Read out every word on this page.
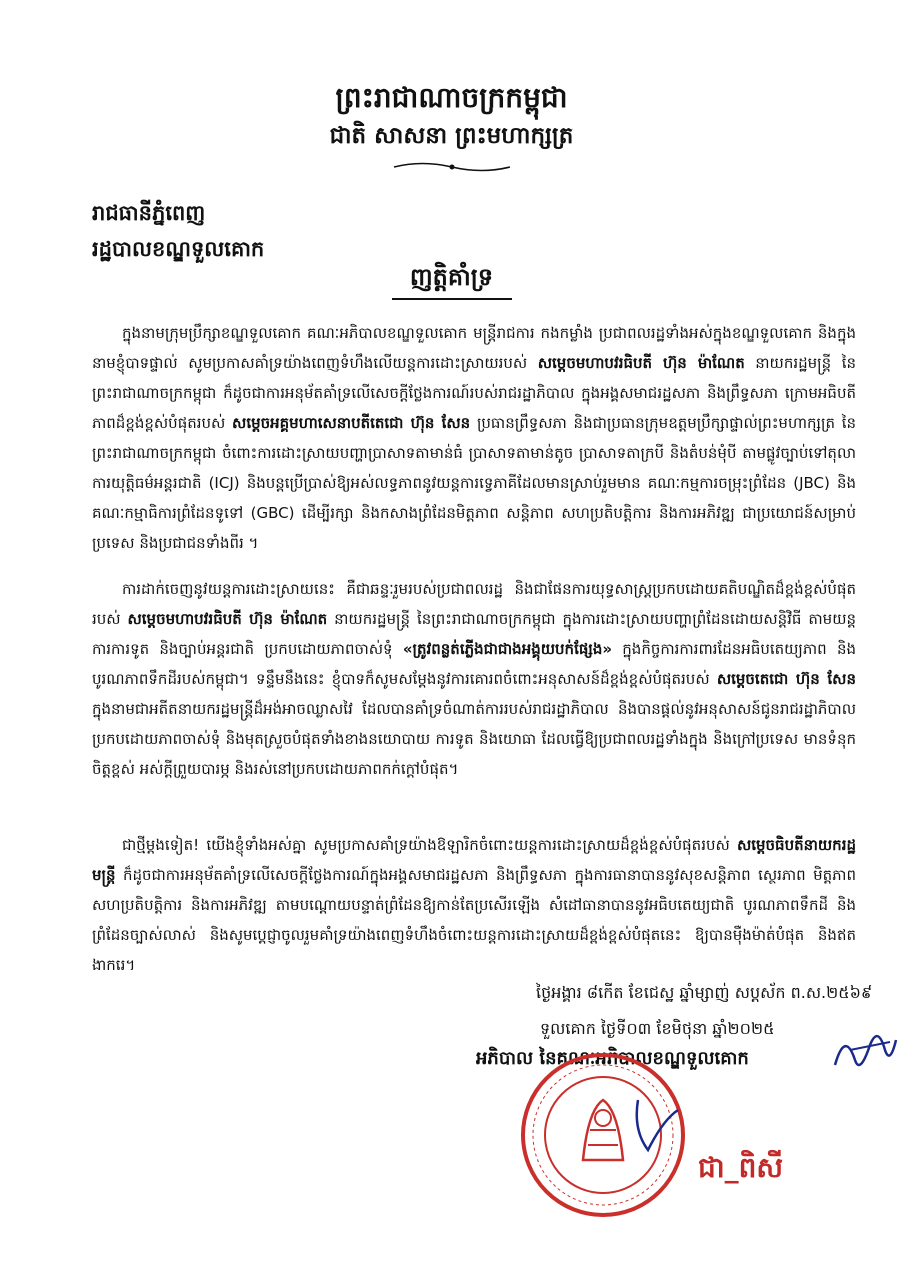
ព្រះរាជាណាចក្រកម្ពុជា
ជាតិ សាសនា ព្រះមហាក្សត្រ
រាជធានីភ្នំពេញ
រដ្ឋបាលខណ្ឌទួលគោក
ញត្តិគាំទ្រ

  ក្នុងនាមក្រុមប្រឹក្សាខណ្ឌទួលគោក គណៈអភិបាលខណ្ឌទួលគោក មន្ត្រីរាជការ កងកម្លាំង ប្រជាពលរដ្ឋទាំងអស់ក្នុងខណ្ឌទួលគោក និងក្នុងនាមខ្ញុំបាទផ្ទាល់ សូមប្រកាសគាំទ្រយ៉ាងពេញទំហឹងលើយន្តការដោះស្រាយរបស់ សម្ដេចមហាបវរធិបតី ហ៊ុន ម៉ាណែត នាយករដ្ឋមន្ត្រី នៃព្រះរាជាណាចក្រកម្ពុជា ក៏ដូចជាការអនុម័តគាំទ្រលើសេចក្តីថ្លែងការណ៍របស់រាជរដ្ឋាភិបាល ក្នុងអង្គសមាជរដ្ឋសភា និងព្រឹទ្ធសភា ក្រោមអធិបតីភាពដ៏ខ្ពង់ខ្ពស់បំផុតរបស់ សម្ដេចអគ្គមហាសេនាបតីតេជោ ហ៊ុន សែន ប្រធានព្រឹទ្ធសភា និងជាប្រធានក្រុមឧត្តមប្រឹក្សាផ្ទាល់ព្រះមហាក្សត្រ នៃព្រះរាជាណាចក្រកម្ពុជា ចំពោះការដោះស្រាយបញ្ហាប្រាសាទតាមាន់ធំ ប្រាសាទតាមាន់តូច ប្រាសាទតាក្របី និងតំបន់មុំបី តាមផ្លូវច្បាប់ទៅតុលាការយុត្តិធម៌អន្តរជាតិ (ICJ) និងបន្តប្រើប្រាស់ឱ្យអស់លទ្ធភាពនូវយន្តការទ្វេភាគីដែលមានស្រាប់រួមមាន គណៈកម្មការចម្រុះព្រំដែន (JBC) និងគណៈកម្មាធិការព្រំដែនទូទៅ (GBC) ដើម្បីរក្សា និងកសាងព្រំដែនមិត្តភាព សន្តិភាព សហប្រតិបត្តិការ និងការអភិវឌ្ឍ ជាប្រយោជន៍សម្រាប់ប្រទេស និងប្រជាជនទាំងពីរ ។

  ការដាក់ចេញនូវយន្តការដោះស្រាយនេះ គឺជាឆន្ទៈរួមរបស់ប្រជាពលរដ្ឋ និងជាផែនការយុទ្ធសាស្ត្រប្រកបដោយគតិបណ្ឌិតដ៏ខ្ពង់ខ្ពស់បំផុតរបស់ សម្ដេចមហាបវរធិបតី ហ៊ុន ម៉ាណែត នាយករដ្ឋមន្ត្រី នៃព្រះរាជាណាចក្រកម្ពុជា ក្នុងការដោះស្រាយបញ្ហាព្រំដែនដោយសន្តិវិធី តាមយន្តការការទូត និងច្បាប់អន្តរជាតិ ប្រកបដោយភាពចាស់ទុំ «ត្រូវពន្លត់ភ្លើងជាជាងអង្គុយបក់ផ្សែង» ក្នុងកិច្ចការការពារដែនអធិបតេយ្យភាព និងបូរណភាពទឹកដីរបស់កម្ពុជា។ ទន្ទឹមនឹងនេះ ខ្ញុំបាទក៏សូមសម្ដែងនូវការគោរពចំពោះអនុសាសន៍ដ៏ខ្ពង់ខ្ពស់បំផុតរបស់ សម្ដេចតេជោ ហ៊ុន សែន ក្នុងនាមជាអតីតនាយករដ្ឋមន្ត្រីដ៏អង់អាចឈ្លាសវៃ ដែលបានគាំទ្រចំណាត់ការរបស់រាជរដ្ឋាភិបាល និងបានផ្តល់នូវអនុសាសន៍ជូនរាជរដ្ឋាភិបាល ប្រកបដោយភាពចាស់ទុំ និងមុតស្រួចបំផុតទាំងខាងនយោបាយ ការទូត និងយោធា ដែលធ្វើឱ្យប្រជាពលរដ្ឋទាំងក្នុង និងក្រៅប្រទេស មានទំនុកចិត្តខ្ពស់ អស់ក្តីព្រួយបារម្ភ និងរស់នៅប្រកបដោយភាពកក់ក្តៅបំផុត។

  ជាថ្មីម្ដងទៀត! យើងខ្ញុំទាំងអស់គ្នា សូមប្រកាសគាំទ្រយ៉ាងឱឡារិកចំពោះយន្តការដោះស្រាយដ៏ខ្ពង់ខ្ពស់បំផុតរបស់ សម្ដេចធិបតីនាយករដ្ឋមន្ត្រី ក៏ដូចជាការអនុម័តគាំទ្រលើសេចក្តីថ្លែងការណ៍ក្នុងអង្គសមាជរដ្ឋសភា និងព្រឹទ្ធសភា ក្នុងការធានាបាននូវសុខសន្តិភាព ស្ថេរភាព មិត្តភាព សហប្រតិបត្តិការ និងការអភិវឌ្ឍ តាមបណ្ដោយបន្ទាត់ព្រំដែនឱ្យកាន់តែប្រសើរឡើង សំដៅធានាបាននូវអធិបតេយ្យជាតិ បូរណភាពទឹកដី និងព្រំដែនច្បាស់លាស់ និងសូមប្ដេជ្ញាចូលរួមគាំទ្រយ៉ាងពេញទំហឹងចំពោះយន្តការដោះស្រាយដ៏ខ្ពង់ខ្ពស់បំផុតនេះ ឱ្យបានម៉ឺងម៉ាត់បំផុត និងឥតងាករេ។

ថ្ងៃអង្គារ ៨កើត ខែជេស្ឋ ឆ្នាំម្សាញ់ សប្តស័ក ព.ស.២៥៦៩
ទួលគោក ថ្ងៃទី០៣ ខែមិថុនា ឆ្នាំ២០២៥
អភិបាល នៃគណៈអភិបាលខណ្ឌទួលគោក
ជា_ពិសី
